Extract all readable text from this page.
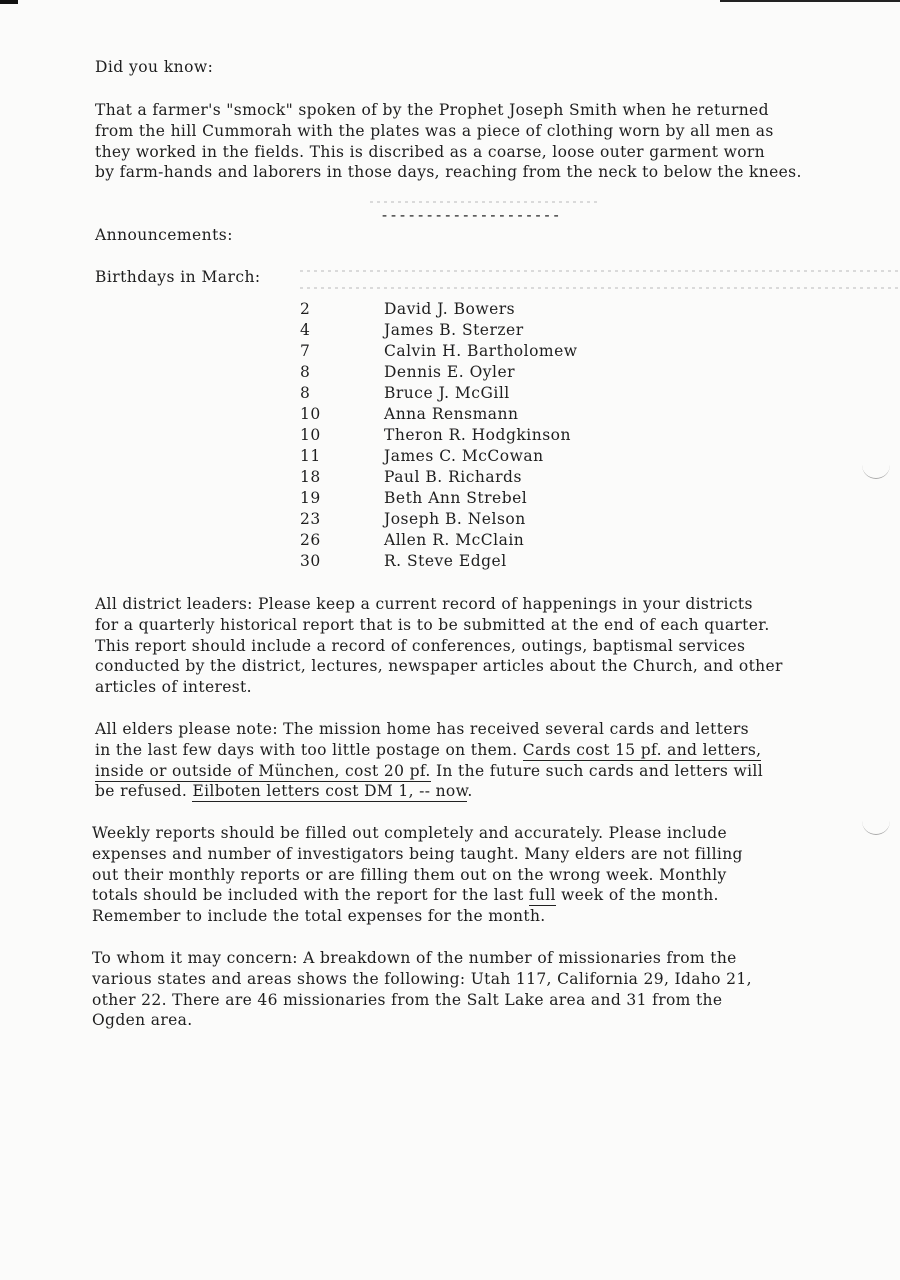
Did you know:
That a farmer's "smock" spoken of by the Prophet Joseph Smith when he returned
from the hill Cummorah with the plates was a piece of clothing worn by all men as
they worked in the fields. This is discribed as a coarse, loose outer garment worn
by farm-hands and laborers in those days, reaching from the neck to below the knees.
--------------------
Announcements:
Birthdays in March:
2	David J. Bowers
4	James B. Sterzer
7	Calvin H. Bartholomew
8	Dennis E. Oyler
8	Bruce J. McGill
10	Anna Rensmann
10	Theron R. Hodgkinson
11	James C. McCowan
18	Paul B. Richards
19	Beth Ann Strebel
23	Joseph B. Nelson
26	Allen R. McClain
30	R. Steve Edgel
All district leaders: Please keep a current record of happenings in your districts
for a quarterly historical report that is to be submitted at the end of each quarter.
This report should include a record of conferences, outings, baptismal services
conducted by the district, lectures, newspaper articles about the Church, and other
articles of interest.
All elders please note: The mission home has received several cards and letters
in the last few days with too little postage on them. Cards cost 15 pf. and letters,
inside or outside of München, cost 20 pf. In the future such cards and letters will
be refused. Eilboten letters cost DM 1, -- now.
Weekly reports should be filled out completely and accurately. Please include
expenses and number of investigators being taught. Many elders are not filling
out their monthly reports or are filling them out on the wrong week. Monthly
totals should be included with the report for the last full week of the month.
Remember to include the total expenses for the month.
To whom it may concern: A breakdown of the number of missionaries from the
various states and areas shows the following: Utah 117, California 29, Idaho 21,
other 22. There are 46 missionaries from the Salt Lake area and 31 from the
Ogden area.
